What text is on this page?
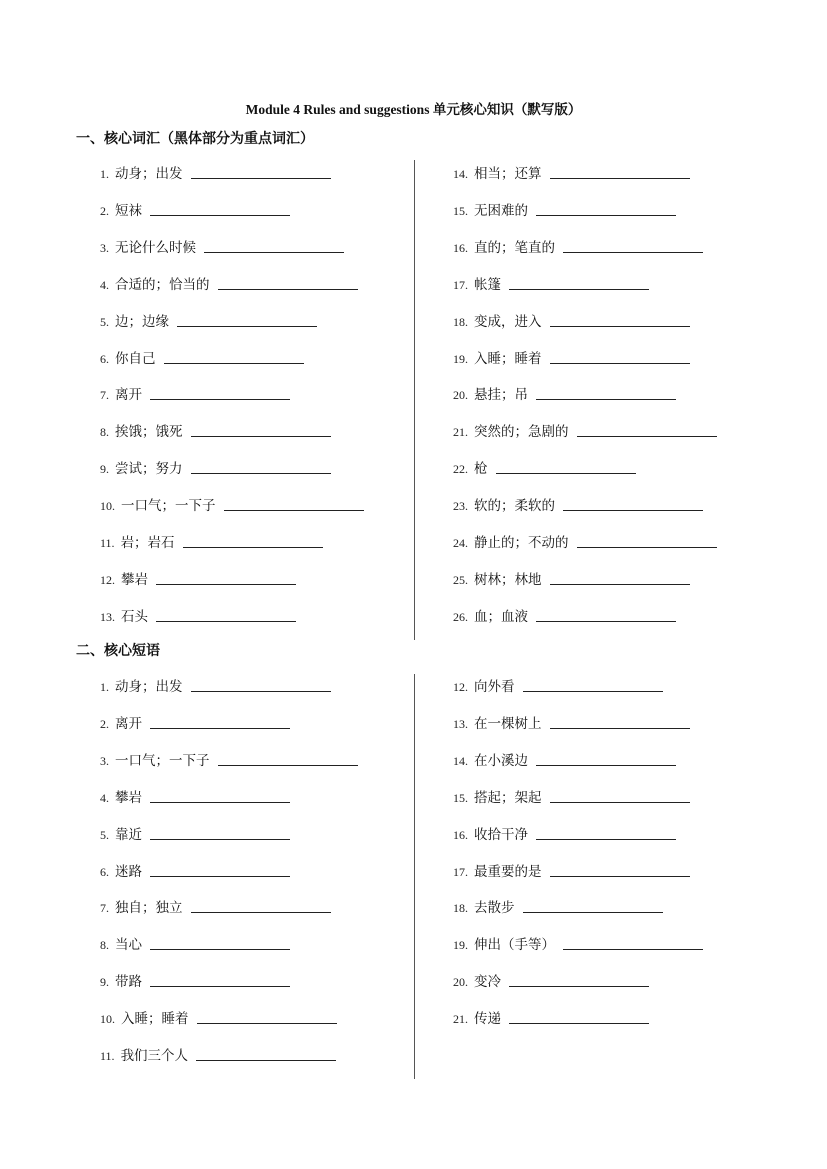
Module 4 Rules and suggestions 单元核心知识（默写版）
一、核心词汇（黑体部分为重点词汇）
1. 动身；出发
2. 短袜
3. 无论什么时候
4. 合适的；恰当的
5. 边；边缘
6. 你自己
7. 离开
8. 挨饿；饿死
9. 尝试；努力
10. 一口气；一下子
11. 岩；岩石
12. 攀岩
13. 石头
14. 相当；还算
15. 无困难的
16. 直的；笔直的
17. 帐篷
18. 变成，进入
19. 入睡；睡着
20. 悬挂；吊
21. 突然的；急剧的
22. 枪
23. 软的；柔软的
24. 静止的；不动的
25. 树林；林地
26. 血；血液
二、核心短语
1. 动身；出发
2. 离开
3. 一口气；一下子
4. 攀岩
5. 靠近
6. 迷路
7. 独自；独立
8. 当心
9. 带路
10. 入睡；睡着
11. 我们三个人
12. 向外看
13. 在一棵树上
14. 在小溪边
15. 搭起；架起
16. 收拾干净
17. 最重要的是
18. 去散步
19. 伸出（手等）
20. 变冷
21. 传递
